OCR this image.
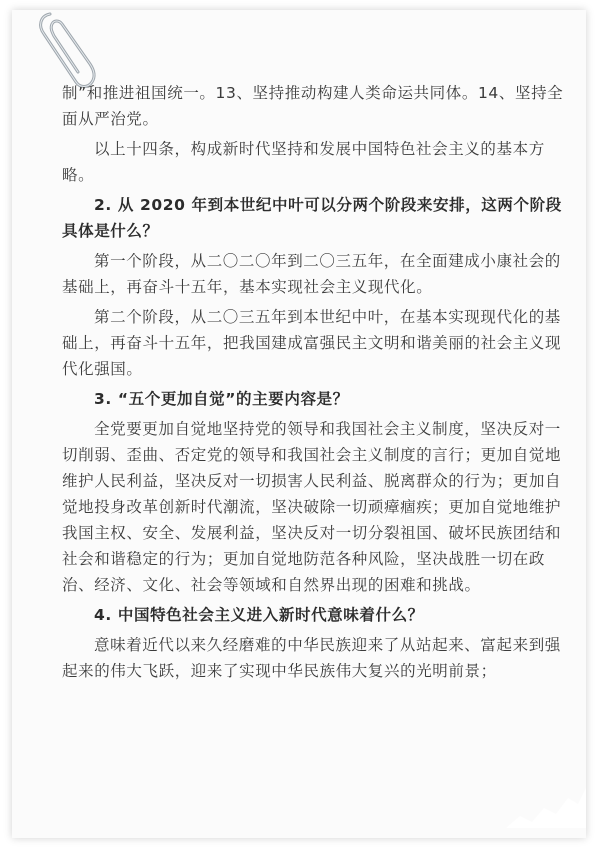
制”和推进祖国统一。13、坚持推动构建人类命运共同体。14、坚持全面从严治党。

以上十四条，构成新时代坚持和发展中国特色社会主义的基本方略。

2. 从 2020 年到本世纪中叶可以分两个阶段来安排，这两个阶段具体是什么？

第一个阶段，从二〇二〇年到二〇三五年，在全面建成小康社会的基础上，再奋斗十五年，基本实现社会主义现代化。

第二个阶段，从二〇三五年到本世纪中叶，在基本实现现代化的基础上，再奋斗十五年，把我国建成富强民主文明和谐美丽的社会主义现代化强国。

3. “五个更加自觉”的主要内容是？

全党要更加自觉地坚持党的领导和我国社会主义制度，坚决反对一切削弱、歪曲、否定党的领导和我国社会主义制度的言行；更加自觉地维护人民利益，坚决反对一切损害人民利益、脱离群众的行为；更加自觉地投身改革创新时代潮流，坚决破除一切顽瘴痼疾；更加自觉地维护我国主权、安全、发展利益，坚决反对一切分裂祖国、破坏民族团结和社会和谐稳定的行为；更加自觉地防范各种风险，坚决战胜一切在政治、经济、文化、社会等领域和自然界出现的困难和挑战。

4. 中国特色社会主义进入新时代意味着什么？

意味着近代以来久经磨难的中华民族迎来了从站起来、富起来到强起来的伟大飞跃，迎来了实现中华民族伟大复兴的光明前景；
